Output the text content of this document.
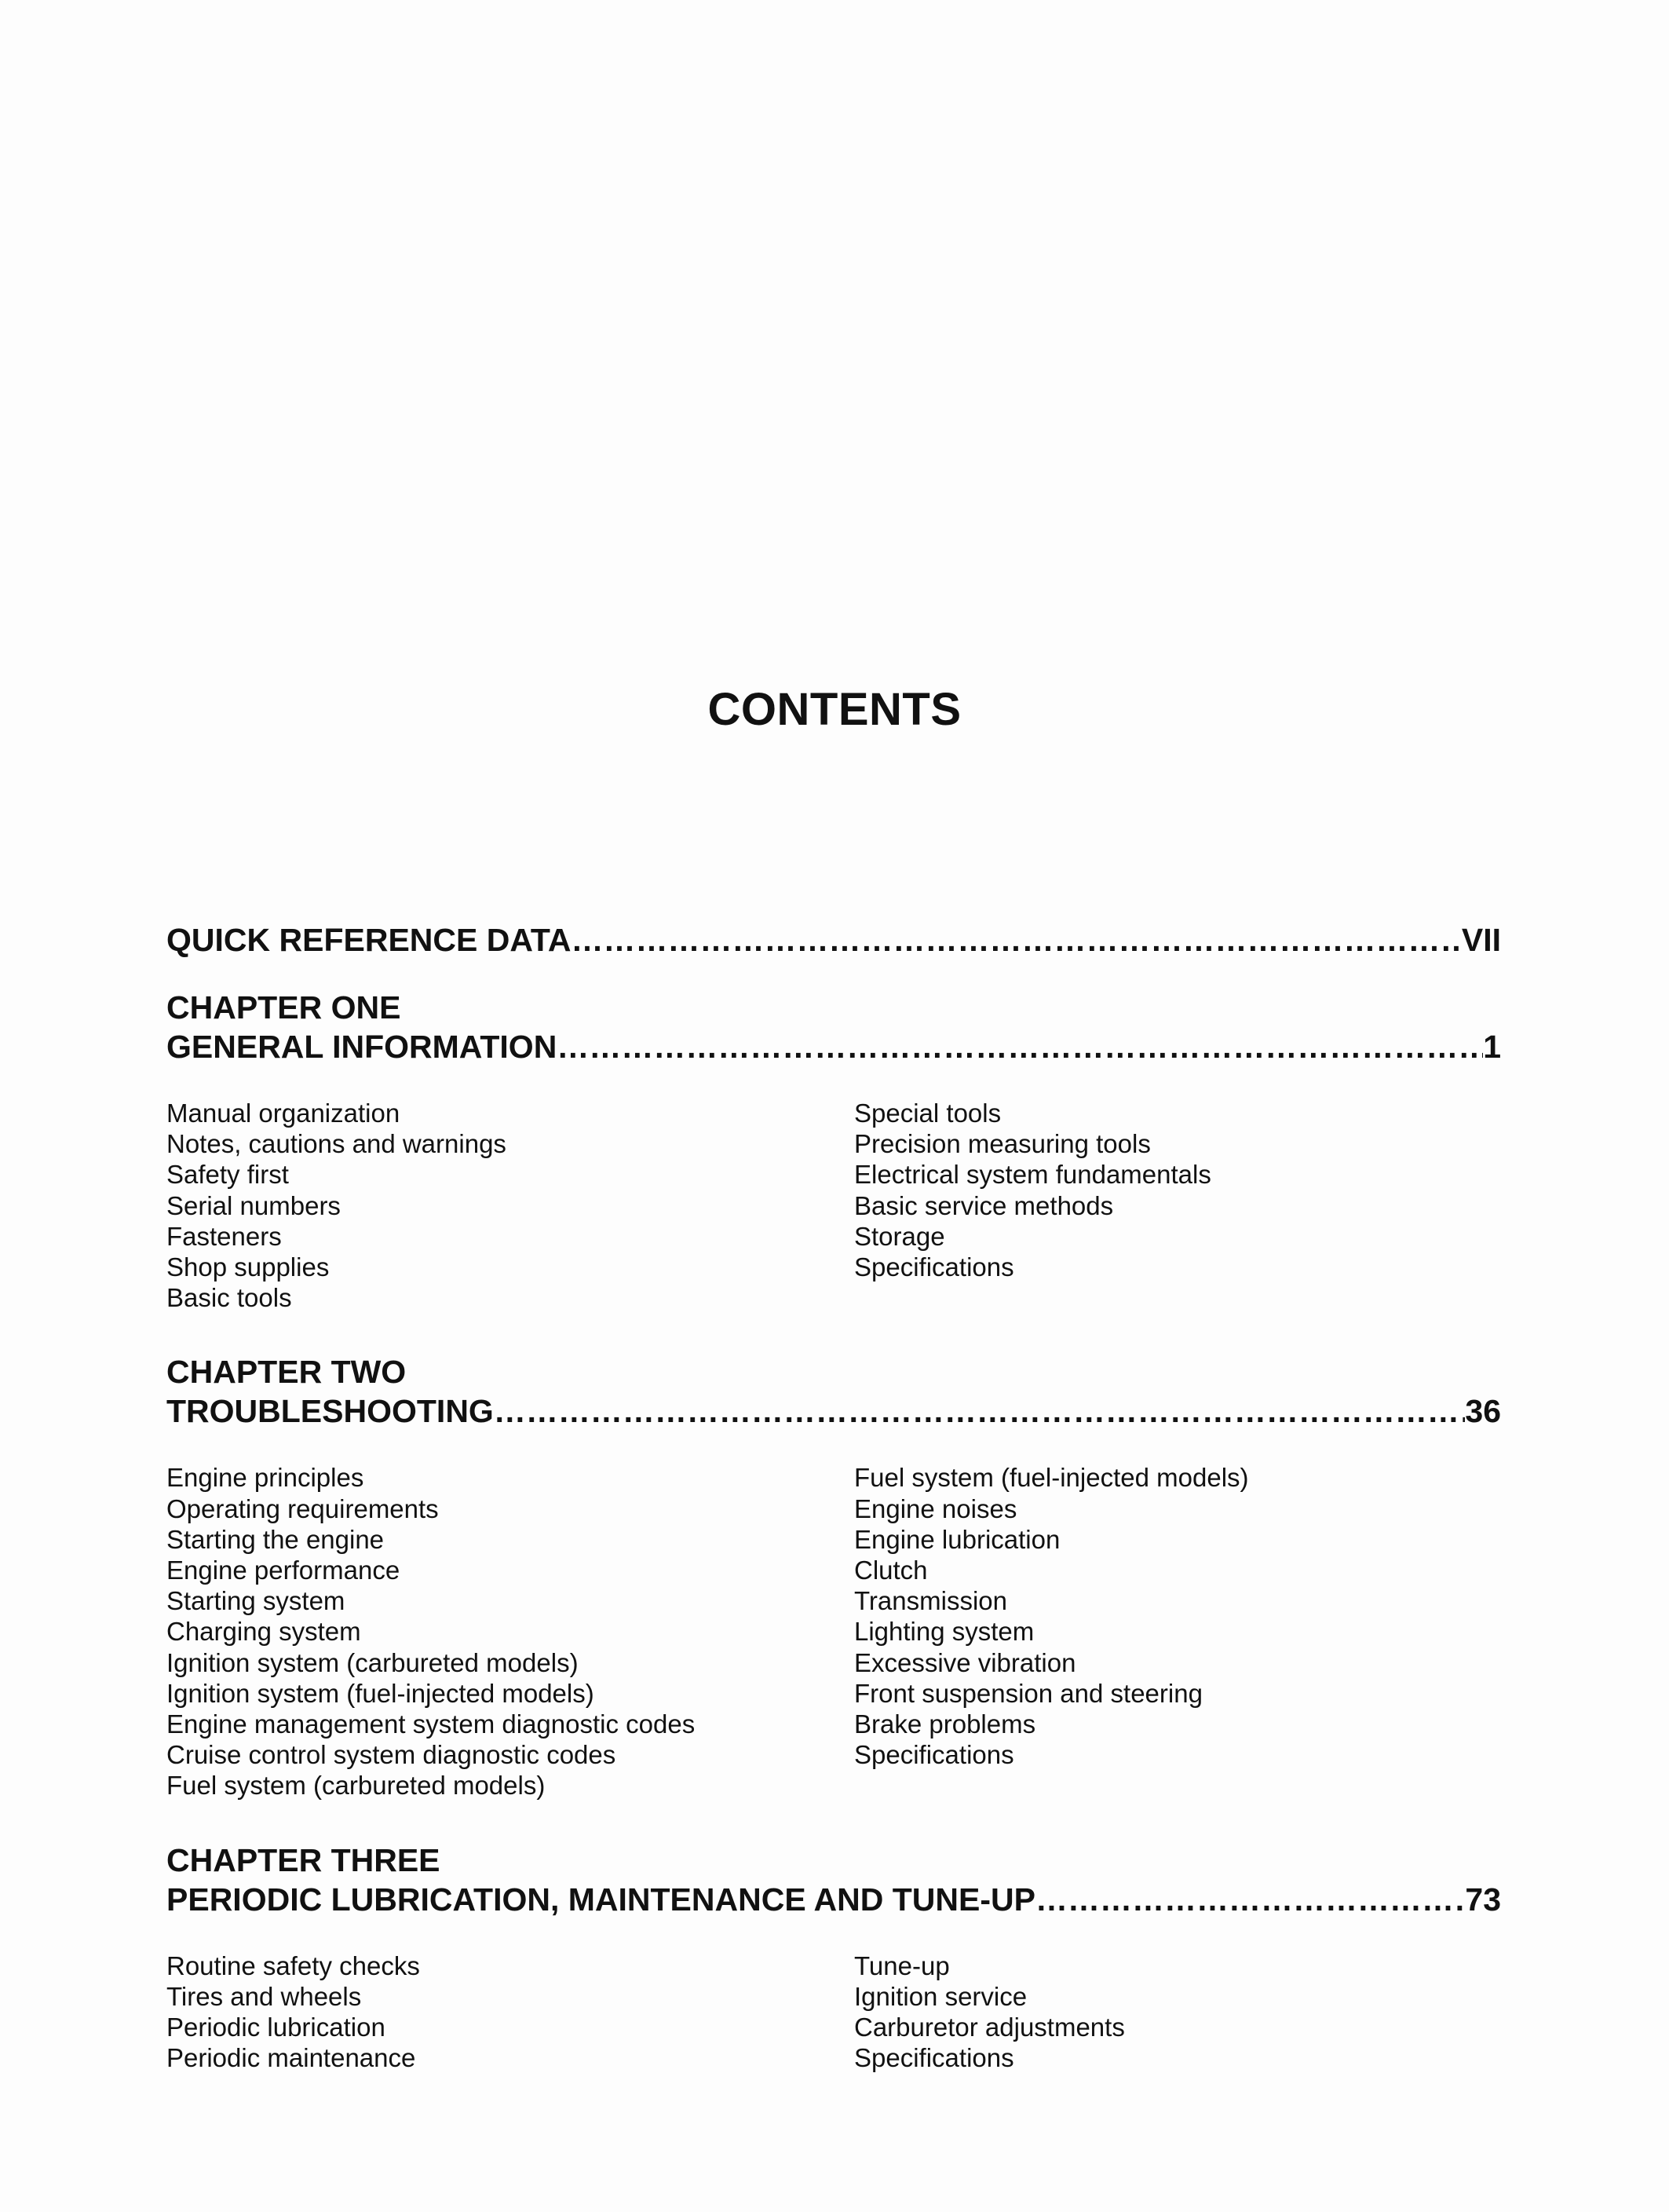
CONTENTS
QUICK REFERENCE DATA ……………………………………………………………………………………………………………………………………………………………………………………………………………………………………	VII

CHAPTER ONE

GENERAL INFORMATION ……………………………………………………………………………………………………………………………………………………………………………………………………………………………………	1
Manual organization
Notes, cautions and warnings
Safety first
Serial numbers
Fasteners
Shop supplies
Basic tools
Special tools
Precision measuring tools
Electrical system fundamentals
Basic service methods
Storage
Specifications

CHAPTER TWO

TROUBLESHOOTING ……………………………………………………………………………………………………………………………………………………………………………………………………………………………………	36
Engine principles
Operating requirements
Starting the engine
Engine performance
Starting system
Charging system
Ignition system (carbureted models)
Ignition system (fuel-injected models)
Engine management system diagnostic codes
Cruise control system diagnostic codes
Fuel system (carbureted models)
Fuel system (fuel-injected models)
Engine noises
Engine lubrication
Clutch
Transmission
Lighting system
Excessive vibration
Front suspension and steering
Brake problems
Specifications

CHAPTER THREE

PERIODIC LUBRICATION, MAINTENANCE AND TUNE-UP ……………………………………………………………………………………………………………………………………………………………………………………………………………………………………	73
Routine safety checks
Tires and wheels
Periodic lubrication
Periodic maintenance
Tune-up
Ignition service
Carburetor adjustments
Specifications
